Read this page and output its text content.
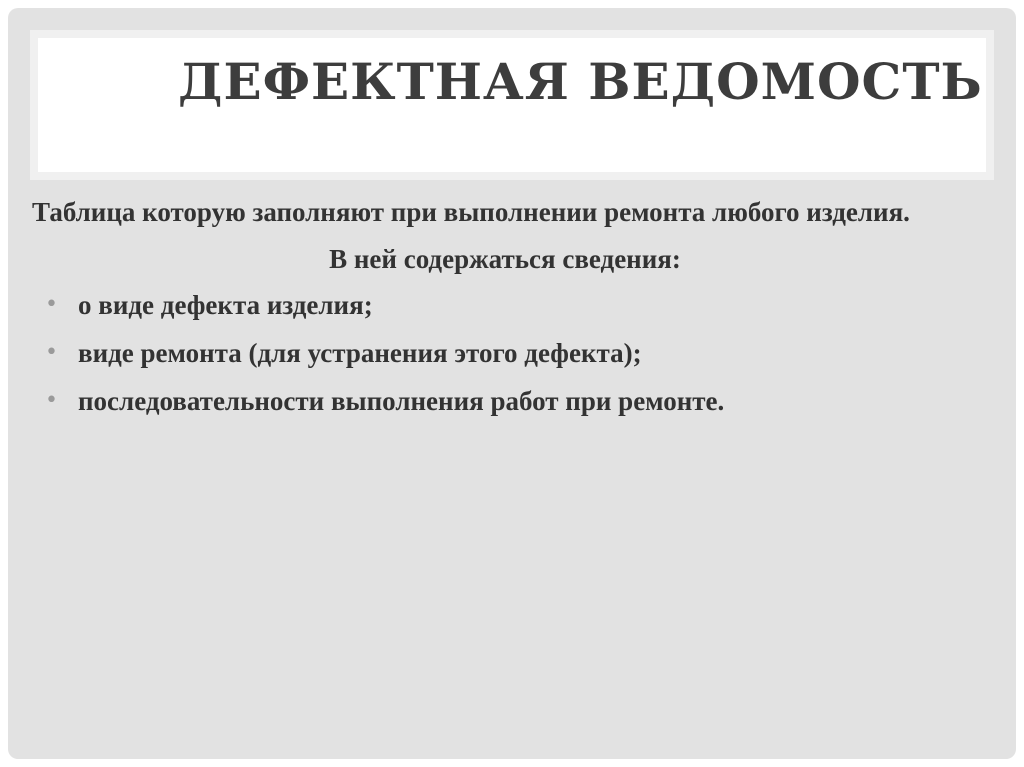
ДЕФЕКТНАЯ ВЕДОМОСТЬ

Таблица которую заполняют при выполнении ремонта любого изделия.

В ней содержаться сведения:

• о виде дефекта изделия;
• виде ремонта (для устранения этого дефекта);
• последовательности выполнения работ при ремонте.
